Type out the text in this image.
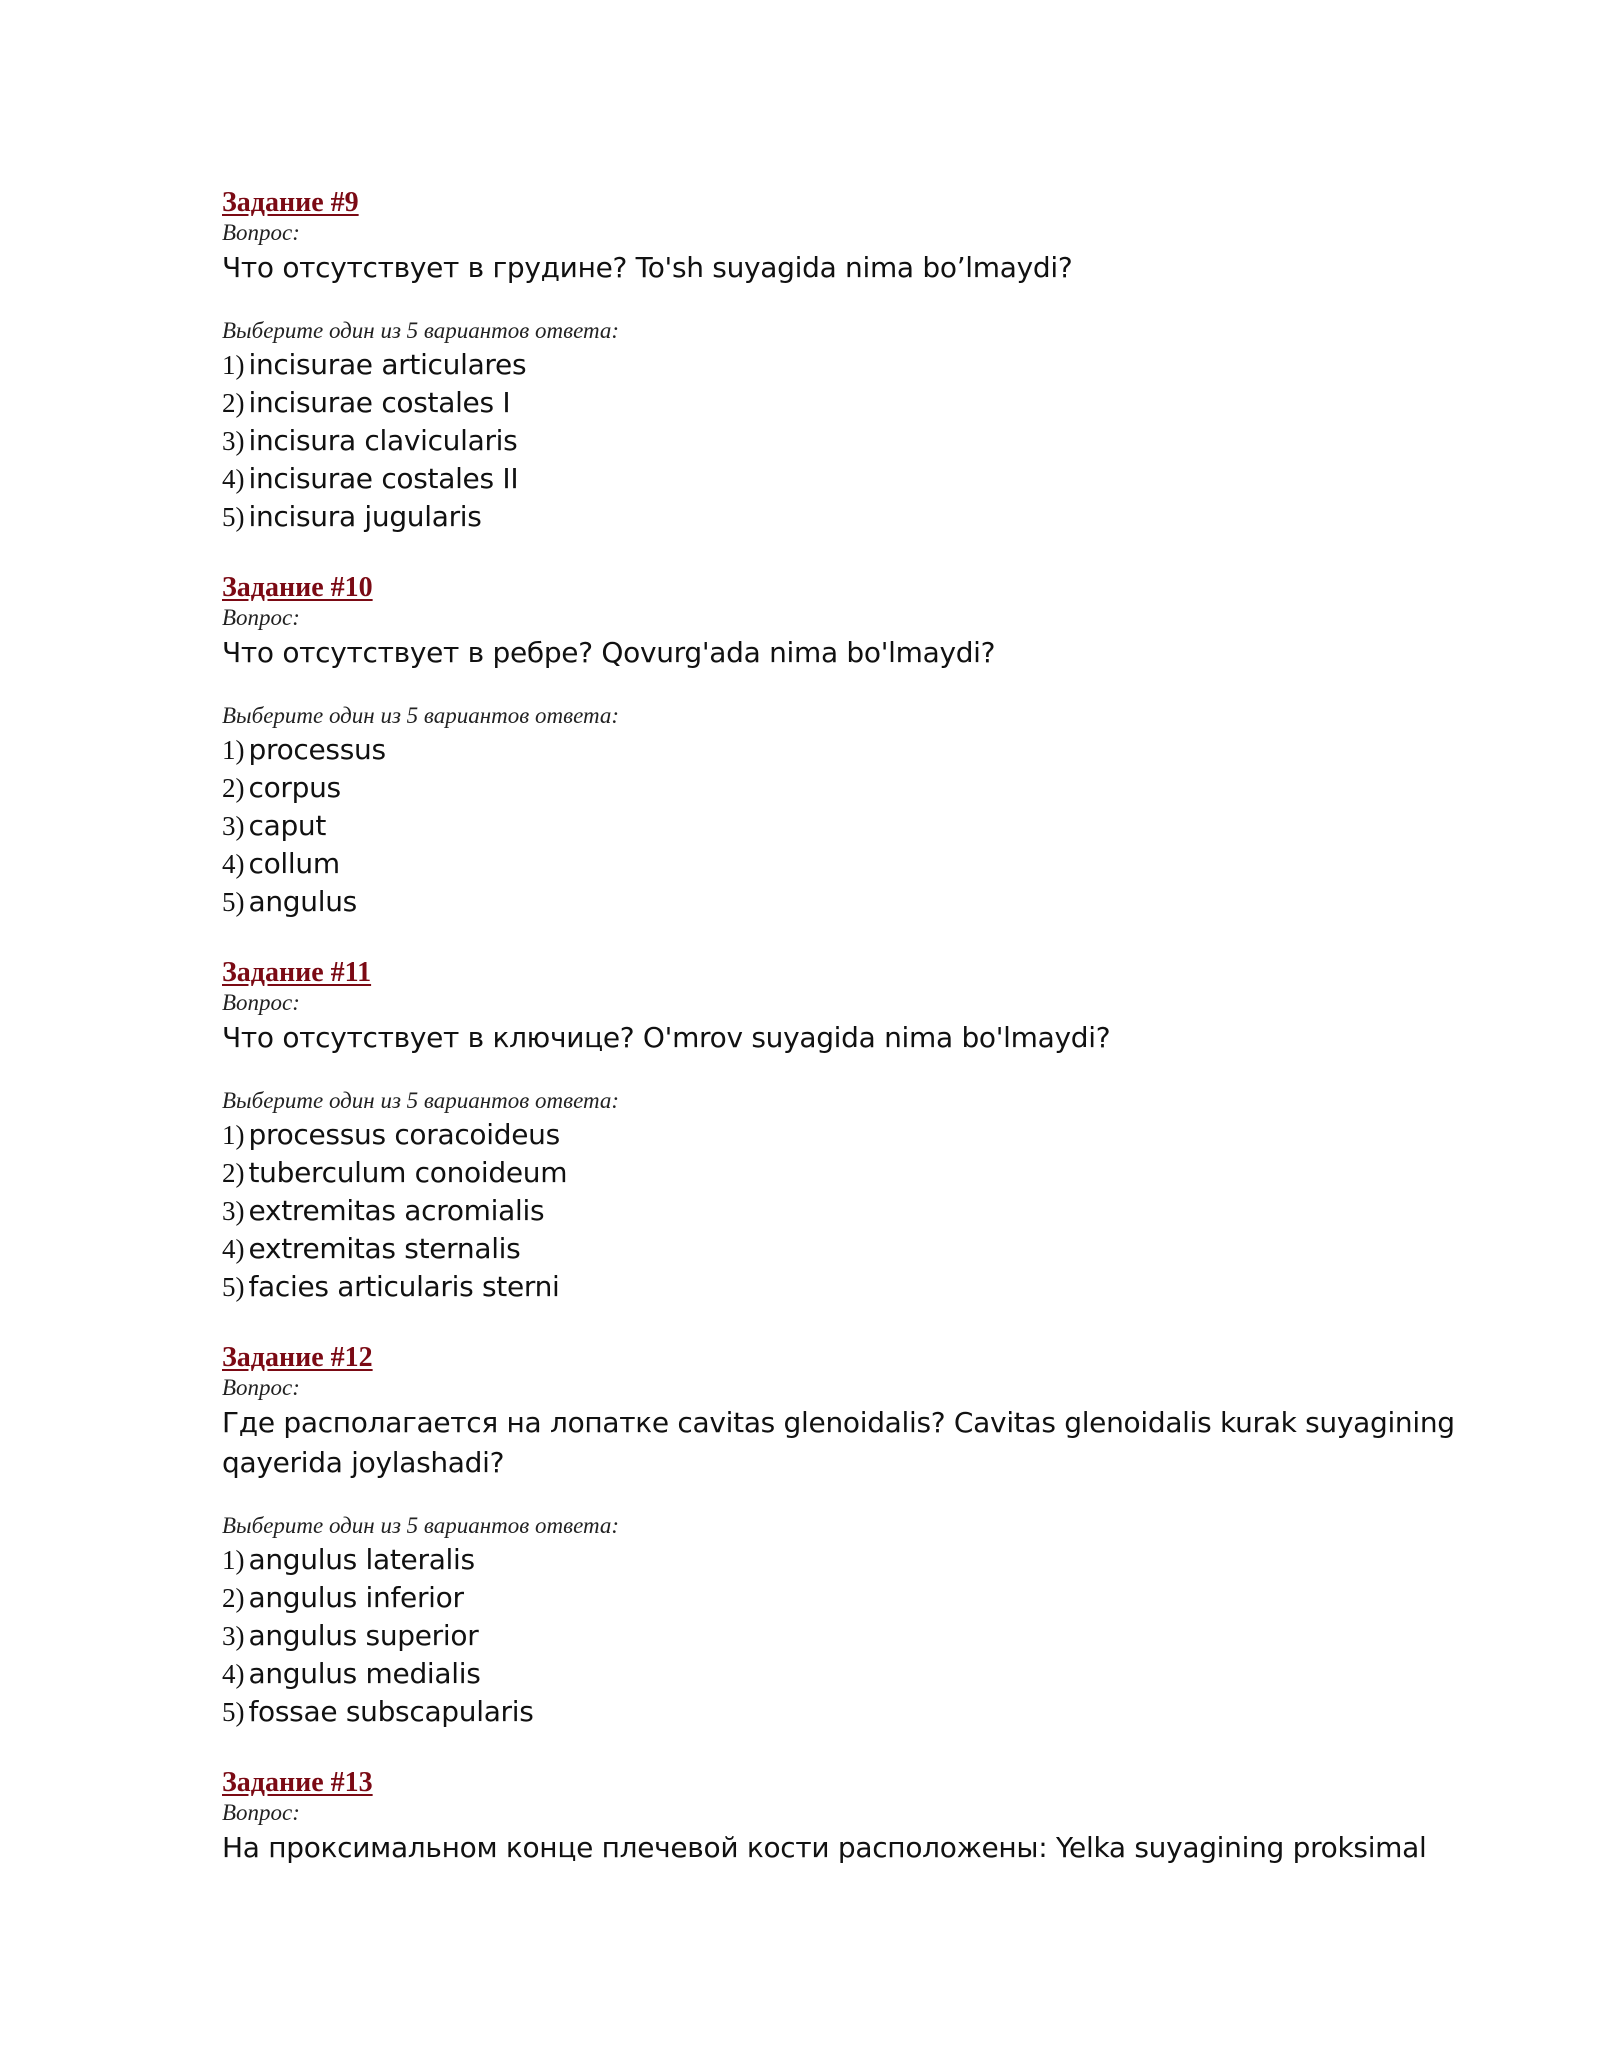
Задание #9
Вопрос:
Что отсутствует в грудине? To'sh suyagida nima bo’lmaydi?
Выберите один из 5 вариантов ответа:
1) incisurae articulares
2) incisurae costales I
3) incisura clavicularis
4) incisurae costales II
5) incisura jugularis
Задание #10
Вопрос:
Что отсутствует в ребре? Qovurg'ada nima bo'lmaydi?
Выберите один из 5 вариантов ответа:
1) processus
2) corpus
3) caput
4) collum
5) angulus
Задание #11
Вопрос:
Что отсутствует в ключице? O'mrov suyagida nima bo'lmaydi?
Выберите один из 5 вариантов ответа:
1) processus coracoideus
2) tuberculum conoideum
3) extremitas acromialis
4) extremitas sternalis
5) facies articularis sterni
Задание #12
Вопрос:
Где располагается на лопатке cavitas glenoidalis? Cavitas glenoidalis kurak suyagining qayerida joylashadi?
Выберите один из 5 вариантов ответа:
1) angulus lateralis
2) angulus inferior
3) angulus superior
4) angulus medialis
5) fossae subscapularis
Задание #13
Вопрос:
На проксимальном конце плечевой кости расположены: Yelka suyagining proksimal
